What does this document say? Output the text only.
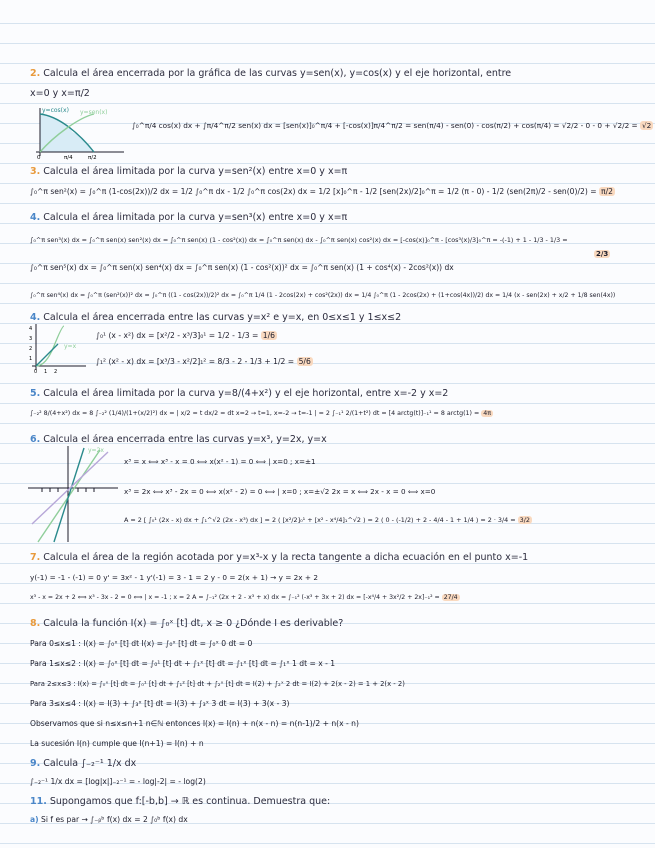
2. Calcula el área encerrada por la gráfica de las curvas y=sen(x), y=cos(x) y el eje horizontal, entre
x=0 y x=π/2
y=cos(x) y=sen(x)
0	π/4	π/2
∫₀^π/4 cos(x) dx + ∫π/4^π/2 sen(x) dx = [sen(x)]₀^π/4 + [-cos(x)]π/4^π/2 = sen(π/4) - sen(0) - cos(π/2) + cos(π/4) = √2/2 - 0 - 0 + √2/2 = √2
3. Calcula el área limitada por la curva y=sen²(x) entre x=0 y x=π
∫₀^π sen²(x) = ∫₀^π (1-cos(2x))/2 dx = 1/2 ∫₀^π dx - 1/2 ∫₀^π cos(2x) dx = 1/2 [x]₀^π - 1/2 [sen(2x)/2]₀^π = 1/2 (π - 0) - 1/2 (sen(2π)/2 - sen(0)/2) = π/2
4. Calcula el área limitada por la curva y=sen³(x) entre x=0 y x=π
∫₀^π sen³(x) dx = ∫₀^π sen(x) sen²(x) dx = ∫₀^π sen(x) (1 - cos²(x)) dx = ∫₀^π sen(x) dx - ∫₀^π sen(x) cos²(x) dx = [-cos(x)]₀^π - [cos³(x)/3]₀^π = -(-1) + 1 - 1/3 - 1/3 =
2/3
∫₀^π sen⁵(x) dx = ∫₀^π sen(x) sen⁴(x) dx = ∫₀^π sen(x) (1 - cos²(x))² dx = ∫₀^π sen(x) (1 + cos⁴(x) - 2cos²(x)) dx
∫₀^π sen⁴(x) dx = ∫₀^π (sen²(x))² dx = ∫₀^π ((1 - cos(2x))/2)² dx = ∫₀^π 1/4 (1 - 2cos(2x) + cos²(2x)) dx = 1/4 ∫₀^π (1 - 2cos(2x) + (1+cos(4x))/2) dx = 1/4 (x - sen(2x) + x/2 + 1/8 sen(4x))
4. Calcula el área encerrada entre las curvas y=x² e y=x, en 0≤x≤1 y 1≤x≤2
y=x
4
3
2
1
0 1 2
∫₀¹ (x - x²) dx = [x²/2 - x³/3]₀¹ = 1/2 - 1/3 = 1/6
∫₁² (x² - x) dx = [x³/3 - x²/2]₁² = 8/3 - 2 - 1/3 + 1/2 = 5/6
5. Calcula el área limitada por la curva y=8/(4+x²) y el eje horizontal, entre x=-2 y x=2
∫₋₂² 8/(4+x²) dx = 8 ∫₋₂² (1/4)/(1+(x/2)²) dx = | x/2 = t dx/2 = dt x=2 → t=1, x=-2 → t=-1 | = 2 ∫₋₁¹ 2/(1+t²) dt = [4 arctg(t)]₋₁¹ = 8 arctg(1) = 4π
6. Calcula el área encerrada entre las curvas y=x³, y=2x, y=x
y=2x
x³ = x ⟺ x³ - x = 0 ⟺ x(x² - 1) = 0 ⟺ | x=0 ; x=±1
x³ = 2x ⟺ x³ - 2x = 0 ⟺ x(x² - 2) = 0 ⟺ | x=0 ; x=±√2 2x = x ⟺ 2x - x = 0 ⟺ x=0
A = 2 [ ∫₀¹ (2x - x) dx + ∫₁^√2 (2x - x³) dx ] = 2 ( [x²/2]₀¹ + [x² - x⁴/4]₁^√2 ) = 2 ( 0 - (-1/2) + 2 - 4/4 - 1 + 1/4 ) = 2 · 3/4 = 3/2
7. Calcula el área de la región acotada por y=x³-x y la recta tangente a dicha ecuación en el punto x=-1
y(-1) = -1 - (-1) = 0 y' = 3x² - 1 y'(-1) = 3 - 1 = 2 y - 0 = 2(x + 1) → y = 2x + 2
x³ - x = 2x + 2 ⟺ x³ - 3x - 2 = 0 ⟺ | x = -1 ; x = 2 A = ∫₋₁² (2x + 2 - x³ + x) dx = ∫₋₁² (-x³ + 3x + 2) dx = [-x⁴/4 + 3x²/2 + 2x]₋₁² = 27/4
8. Calcula la función I(x) = ∫₀ˣ [t] dt, x ≥ 0 ¿Dónde I es derivable?
Para 0≤x≤1 : I(x) = ∫₀ˣ [t] dt I(x) = ∫₀ˣ [t] dt = ∫₀ˣ 0 dt = 0
Para 1≤x≤2 : I(x) = ∫₀ˣ [t] dt = ∫₀¹ [t] dt + ∫₁ˣ [t] dt = ∫₁ˣ [t] dt = ∫₁ˣ 1 dt = x - 1
Para 2≤x≤3 : I(x) = ∫₀ˣ [t] dt = ∫₀¹ [t] dt + ∫₁² [t] dt + ∫₂ˣ [t] dt = I(2) + ∫₂ˣ 2 dt = I(2) + 2(x - 2) = 1 + 2(x - 2)
Para 3≤x≤4 : I(x) = I(3) + ∫₃ˣ [t] dt = I(3) + ∫₃ˣ 3 dt = I(3) + 3(x - 3)
Observamos que si n≤x≤n+1 n∈ℕ entonces I(x) = I(n) + n(x - n) = n(n-1)/2 + n(x - n)
La sucesión I(n) cumple que I(n+1) = I(n) + n
9. Calcula ∫₋₂⁻¹ 1/x dx
∫₋₂⁻¹ 1/x dx = [log|x|]₋₂⁻¹ = - log|-2| = - log(2)
11. Supongamos que f:[-b,b] → ℝ es continua. Demuestra que:
a) Si f es par → ∫₋ᵦᵇ f(x) dx = 2 ∫₀ᵇ f(x) dx
